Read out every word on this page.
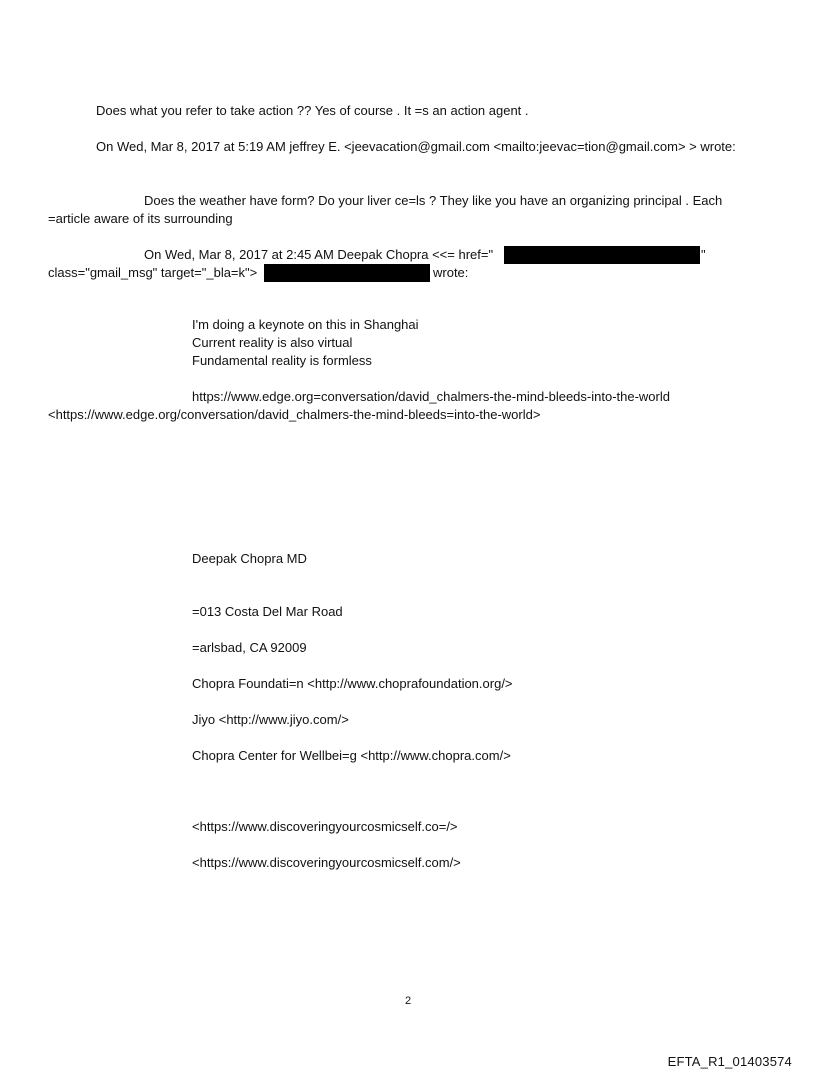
Does what you refer to take action ?? Yes of course . It =s an action agent .
On Wed, Mar 8, 2017 at 5:19 AM jeffrey E. <jeevacation@gmail.com <mailto:jeevac=tion@gmail.com> > wrote:
Does the weather have form? Do your liver ce=ls ? They like you have an organizing principal . Each
=article aware of its surrounding
On Wed, Mar 8, 2017 at 2:45 AM Deepak Chopra <<= href="	"
class="gmail_msg" target="_bla=k">	wrote:
I'm doing a keynote on this in Shanghai
Current reality is also virtual
Fundamental reality is formless
https://www.edge.org=conversation/david_chalmers-the-mind-bleeds-into-the-world
<https://www.edge.org/conversation/david_chalmers-the-mind-bleeds=into-the-world>
Deepak Chopra MD
=013 Costa Del Mar Road
=arlsbad, CA 92009
Chopra Foundati=n <http://www.choprafoundation.org/>
Jiyo <http://www.jiyo.com/>
Chopra Center for Wellbei=g <http://www.chopra.com/>
<https://www.discoveringyourcosmicself.co=/>
<https://www.discoveringyourcosmicself.com/>
2
EFTA_R1_01403574
